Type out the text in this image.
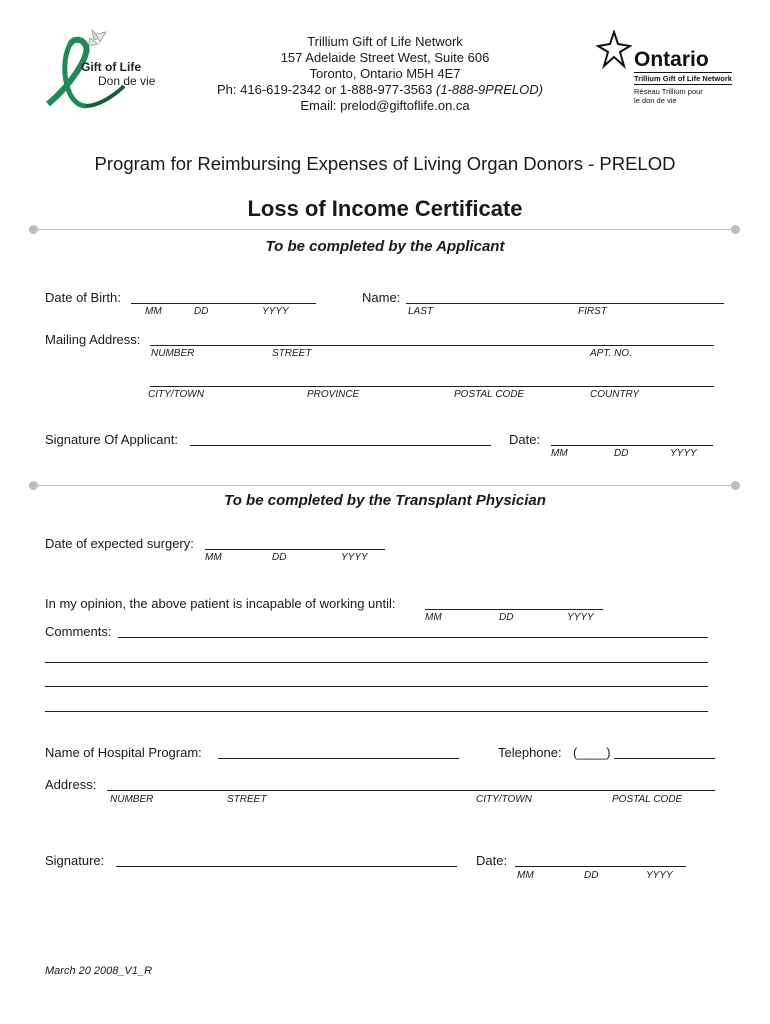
Gift of Life
Don de vie
Ontario
Trillium Gift of Life Network
Réseau Trillium pour
le don de vie
Trillium Gift of Life Network
157 Adelaide Street West, Suite 606
Toronto, Ontario M5H 4E7
Ph: 416-619-2342 or 1-888-977-3563 (1-888-9PRELOD)
Email: prelod@giftoflife.on.ca
Program for Reimbursing Expenses of Living Organ Donors - PRELOD
Loss of Income Certificate
To be completed by the Applicant
Date of Birth:
MM	DD	YYYY
Name:
LAST	FIRST
Mailing Address:
NUMBER	STREET	APT. NO.
CITY/TOWN	PROVINCE	POSTAL CODE	COUNTRY
Signature Of Applicant:	Date:
MM	DD	YYYY
To be completed by the Transplant Physician
Date of expected surgery:
MM	DD	YYYY
In my opinion, the above patient is incapable of working until:
MM	DD	YYYY
Comments:
Name of Hospital Program:	Telephone: (____)
Address:
NUMBER	STREET	CITY/TOWN	POSTAL CODE
Signature:	Date:
MM	DD	YYYY
March 20 2008_V1_R
